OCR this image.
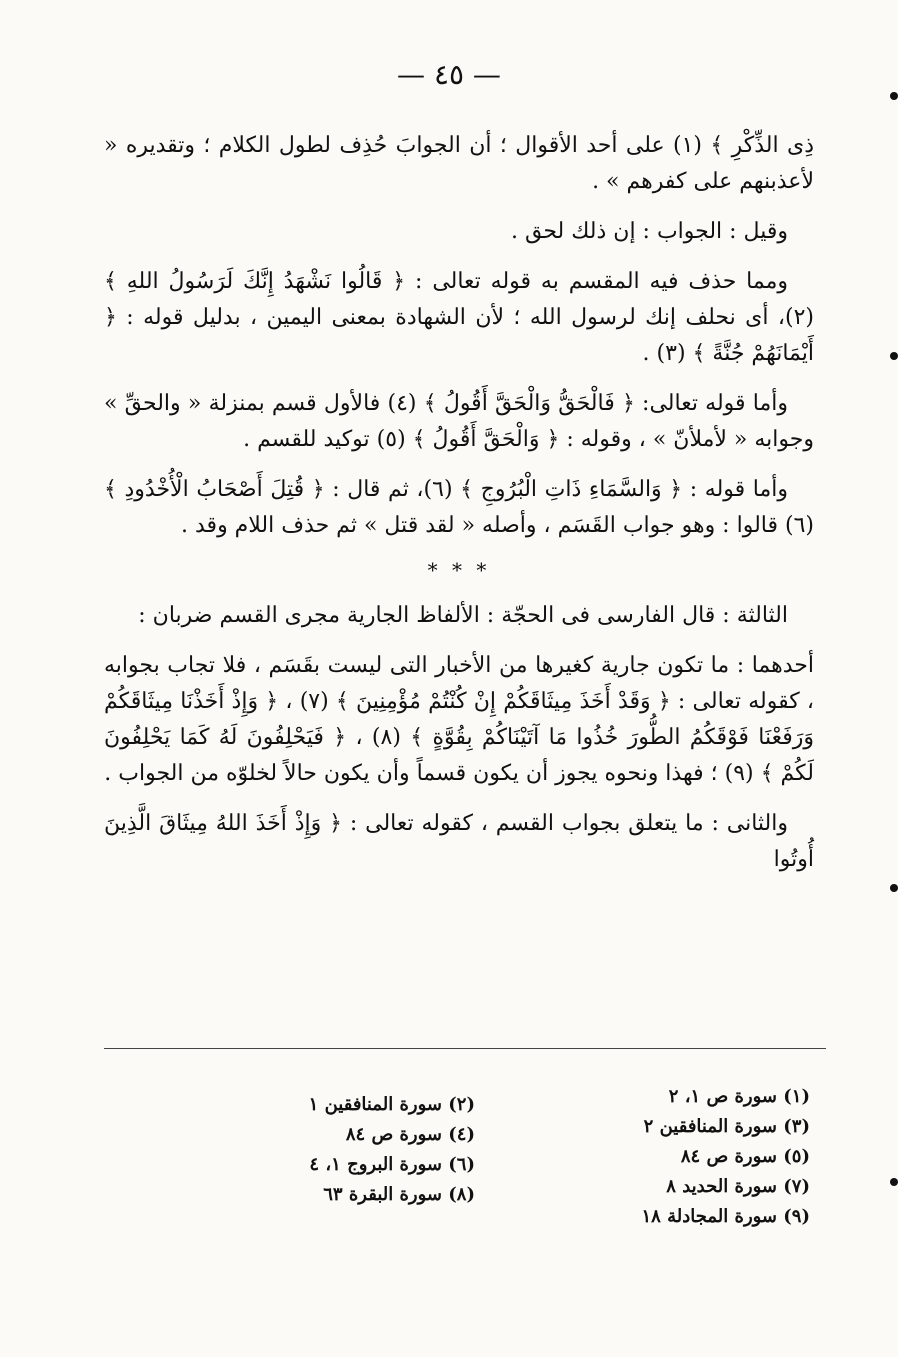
— ٤٥ —

ذِى الذِّكْرِ ﴾ (١) على أحد الأقوال ؛ أن الجوابَ حُذِف لطول الكلام ؛ وتقديره « لأعذبنهم على كفرهم » .

وقيل : الجواب : إن ذلك لحق .

ومما حذف فيه المقسم به قوله تعالى : ﴿ قَالُوا نَشْهَدُ إِنَّكَ لَرَسُولُ اللهِ ﴾ (٢)، أى نحلف إنك لرسول الله ؛ لأن الشهادة بمعنى اليمين ، بدليل قوله : ﴿ أَيْمَانَهُمْ جُنَّةً ﴾ (٣) .

وأما قوله تعالى: ﴿ فَالْحَقُّ وَالْحَقَّ أَقُولُ ﴾ (٤) فالأول قسم بمنزلة « والحقِّ » وجوابه « لأملأنّ » ، وقوله : ﴿ وَالْحَقَّ أَقُولُ ﴾ (٥) توكيد للقسم .

وأما قوله : ﴿ وَالسَّمَاءِ ذَاتِ الْبُرُوجِ ﴾ (٦)، ثم قال : ﴿ قُتِلَ أَصْحَابُ الْأُخْدُودِ ﴾ (٦) قالوا : وهو جواب القَسَم ، وأصله « لقد قتل » ثم حذف اللام وقد .

* * *

الثالثة : قال الفارسى فى الحجّة : الألفاظ الجارية مجرى القسم ضربان :

أحدهما : ما تكون جارية كغيرها من الأخبار التى ليست بقَسَم ، فلا تجاب بجوابه ، كقوله تعالى : ﴿ وَقَدْ أَخَذَ مِيثَاقَكُمْ إِنْ كُنْتُمْ مُؤْمِنِينَ ﴾ (٧) ، ﴿ وَإِذْ أَخَذْنَا مِيثَاقَكُمْ وَرَفَعْنَا فَوْقَكُمُ الطُّورَ خُذُوا مَا آتَيْنَاكُمْ بِقُوَّةٍ ﴾ (٨) ، ﴿ فَيَحْلِفُونَ لَهُ كَمَا يَحْلِفُونَ لَكُمْ ﴾ (٩) ؛ فهذا ونحوه يجوز أن يكون قسماً وأن يكون حالاً لخلوّه من الجواب .

والثانى : ما يتعلق بجواب القسم ، كقوله تعالى : ﴿ وَإِذْ أَخَذَ اللهُ مِيثَاقَ الَّذِينَ أُوتُوا

(١) سورة ص ١، ٢
(٣) سورة المنافقين ٢
(٥) سورة ص ٨٤
(٧) سورة الحديد ٨
(٩) سورة المجادلة ١٨
(٢) سورة المنافقين ١
(٤) سورة ص ٨٤
(٦) سورة البروج ١، ٤
(٨) سورة البقرة ٦٣
